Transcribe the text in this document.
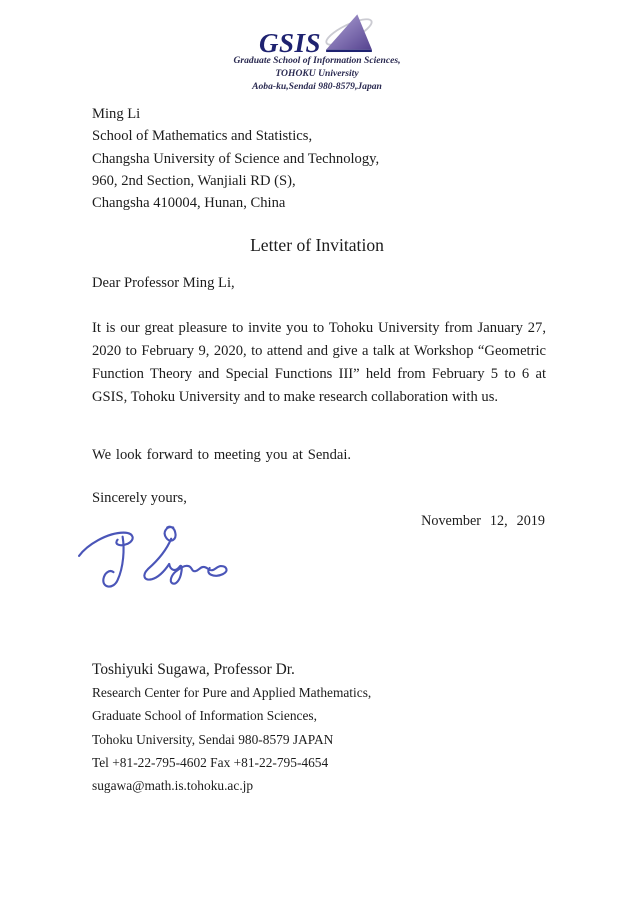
GSIS
Graduate School of Information Sciences,
TOHOKU University
Aoba-ku,Sendai 980-8579,Japan
Ming Li
School of Mathematics and Statistics,
Changsha University of Science and Technology,
960, 2nd Section, Wanjiali RD (S),
Changsha 410004, Hunan, China
Letter of Invitation
Dear Professor Ming Li,
It is our great pleasure to invite you to Tohoku University from January 27, 2020 to February 9, 2020, to attend and give a talk at Workshop “Geometric Function Theory and Special Functions III” held from February 5 to 6 at GSIS, Tohoku University and to make research collaboration with us.
We look forward to meeting you at Sendai.
Sincerely yours,
November 12, 2019
Toshiyuki Sugawa, Professor Dr.
Research Center for Pure and Applied Mathematics,
Graduate School of Information Sciences,
Tohoku University, Sendai 980-8579 JAPAN
Tel +81-22-795-4602 Fax +81-22-795-4654
sugawa@math.is.tohoku.ac.jp
